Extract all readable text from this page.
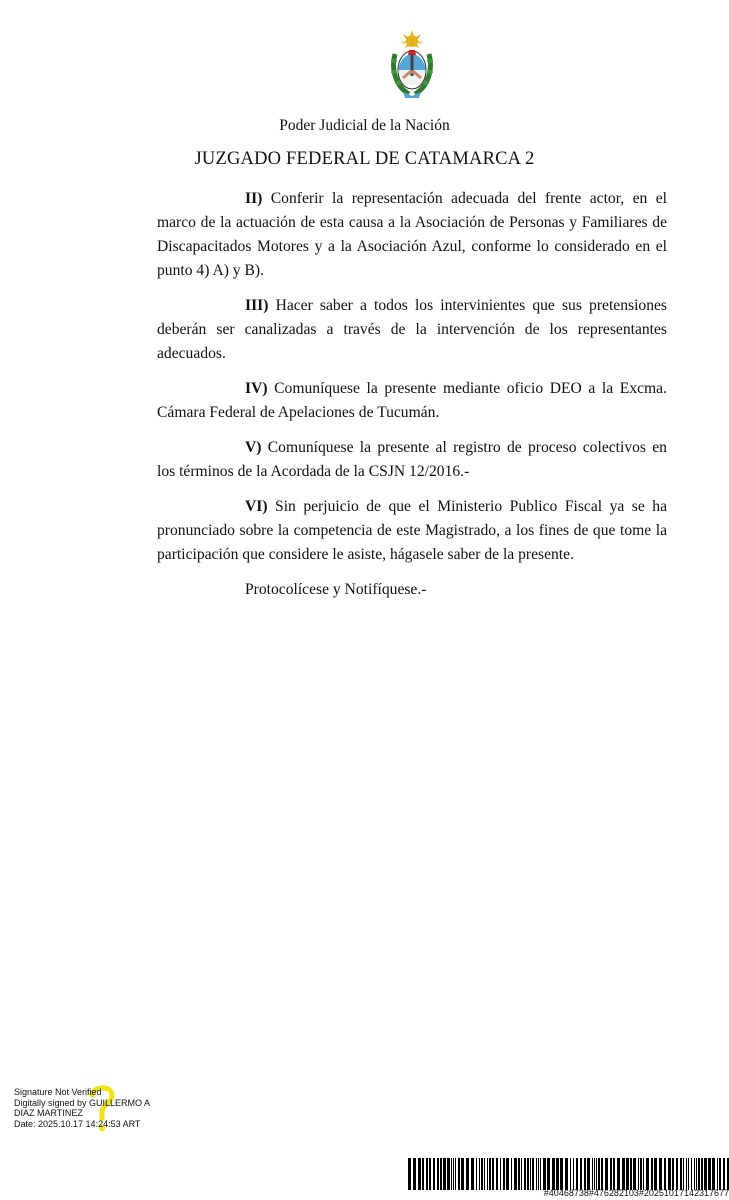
Poder Judicial de la Nación
JUZGADO FEDERAL DE CATAMARCA 2

II) Conferir la representación adecuada del frente actor, en el marco de la actuación de esta causa a la Asociación de Personas y Familiares de Discapacitados Motores y a la Asociación Azul, conforme lo considerado en el punto 4) A) y B).

III) Hacer saber a todos los intervinientes que sus pretensiones deberán ser canalizadas a través de la intervención de los representantes adecuados.

IV) Comuníquese la presente mediante oficio DEO a la Excma. Cámara Federal de Apelaciones de Tucumán.

V) Comuníquese la presente al registro de proceso colectivos en los términos de la Acordada de la CSJN 12/2016.-

VI) Sin perjuicio de que el Ministerio Publico Fiscal ya se ha pronunciado sobre la competencia de este Magistrado, a los fines de que tome la participación que considere le asiste, hágasele saber de la presente.

Protocolícese y Notifíquese.-

Signature Not Verified
Digitally signed by GUILLERMO A
DIAZ MARTINEZ
Date: 2025.10.17 14:24:53 ART
#40468738#476282103#20251017142317677
